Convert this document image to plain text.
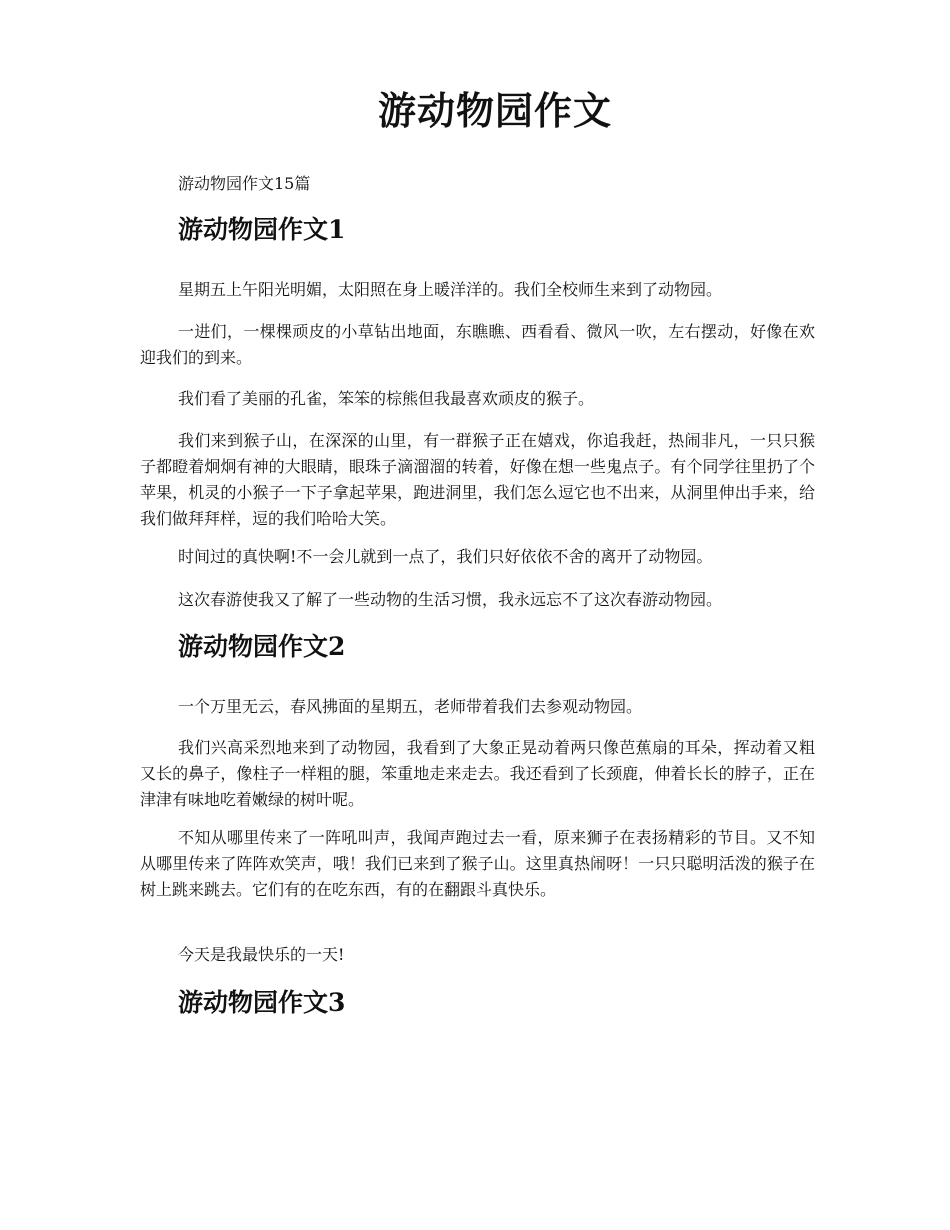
游动物园作文

游动物园作文15篇

游动物园作文1

星期五上午阳光明媚，太阳照在身上暖洋洋的。我们全校师生来到了动物园。

一进们，一棵棵顽皮的小草钻出地面，东瞧瞧、西看看、微风一吹，左右摆动，好像在欢迎我们的到来。

我们看了美丽的孔雀，笨笨的棕熊但我最喜欢顽皮的猴子。

我们来到猴子山，在深深的山里，有一群猴子正在嬉戏，你追我赶，热闹非凡，一只只猴子都瞪着炯炯有神的大眼睛，眼珠子滴溜溜的转着，好像在想一些鬼点子。有个同学往里扔了个苹果，机灵的小猴子一下子拿起苹果，跑进洞里，我们怎么逗它也不出来，从洞里伸出手来，给我们做拜拜样，逗的我们哈哈大笑。

时间过的真快啊!不一会儿就到一点了，我们只好依依不舍的离开了动物园。

这次春游使我又了解了一些动物的生活习惯，我永远忘不了这次春游动物园。

游动物园作文2

一个万里无云，春风拂面的星期五，老师带着我们去参观动物园。

我们兴高采烈地来到了动物园，我看到了大象正晃动着两只像芭蕉扇的耳朵，挥动着又粗又长的鼻子，像柱子一样粗的腿，笨重地走来走去。我还看到了长颈鹿，伸着长长的脖子，正在津津有味地吃着嫩绿的树叶呢。

不知从哪里传来了一阵吼叫声，我闻声跑过去一看，原来狮子在表扬精彩的节目。又不知从哪里传来了阵阵欢笑声，哦！我们已来到了猴子山。这里真热闹呀！一只只聪明活泼的猴子在树上跳来跳去。它们有的在吃东西，有的在翻跟斗真快乐。

今天是我最快乐的一天!

游动物园作文3
